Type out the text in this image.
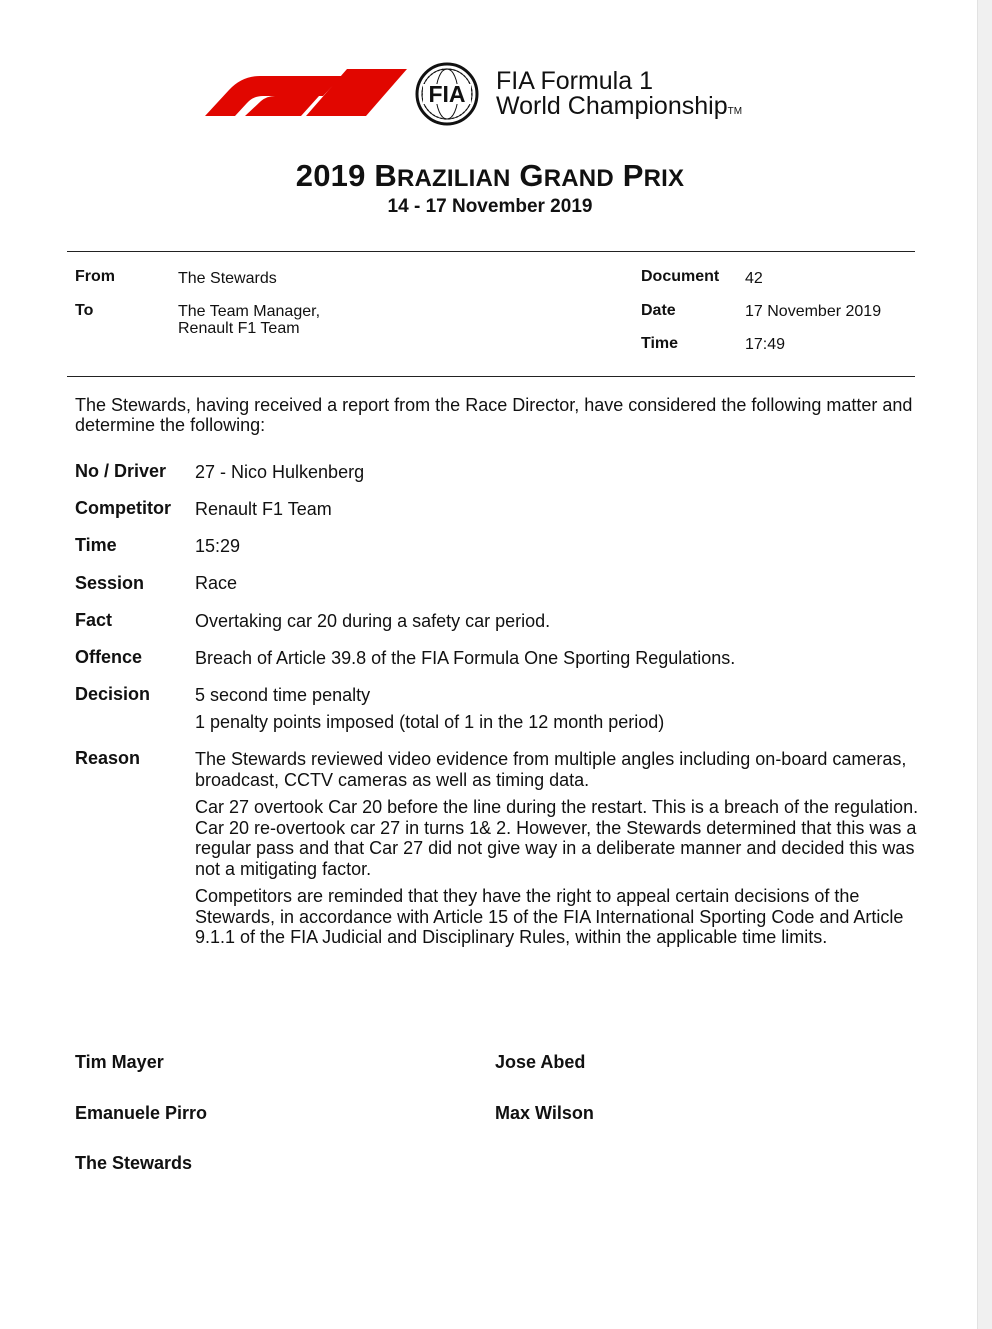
FIA FIA Formula 1
World ChampionshipTM
2019 BRAZILIAN GRAND PRIX
14 - 17 November 2019
From	The Stewards
To	The Team Manager,
Renault F1 Team
Document 42
Date	17 November 2019
Time	17:49
The Stewards, having received a report from the Race Director, have considered the following matter and determine the following:
No / Driver 27 - Nico Hulkenberg
Competitor Renault F1 Team
Time	15:29
Session	Race
Fact	Overtaking car 20 during a safety car period.
Offence	Breach of Article 39.8 of the FIA Formula One Sporting Regulations.
Decision 5 second time penalty
1 penalty points imposed (total of 1 in the 12 month period)
Reason	The Stewards reviewed video evidence from multiple angles including on-board cameras, broadcast, CCTV cameras as well as timing data.
Car 27 overtook Car 20 before the line during the restart. This is a breach of the regulation. Car 20 re-overtook car 27 in turns 1& 2. However, the Stewards determined that this was a regular pass and that Car 27 did not give way in a deliberate manner and decided this was not a mitigating factor.
Competitors are reminded that they have the right to appeal certain decisions of the Stewards, in accordance with Article 15 of the FIA International Sporting Code and Article 9.1.1 of the FIA Judicial and Disciplinary Rules, within the applicable time limits.
Tim Mayer	Jose Abed
Emanuele Pirro	Max Wilson
The Stewards
